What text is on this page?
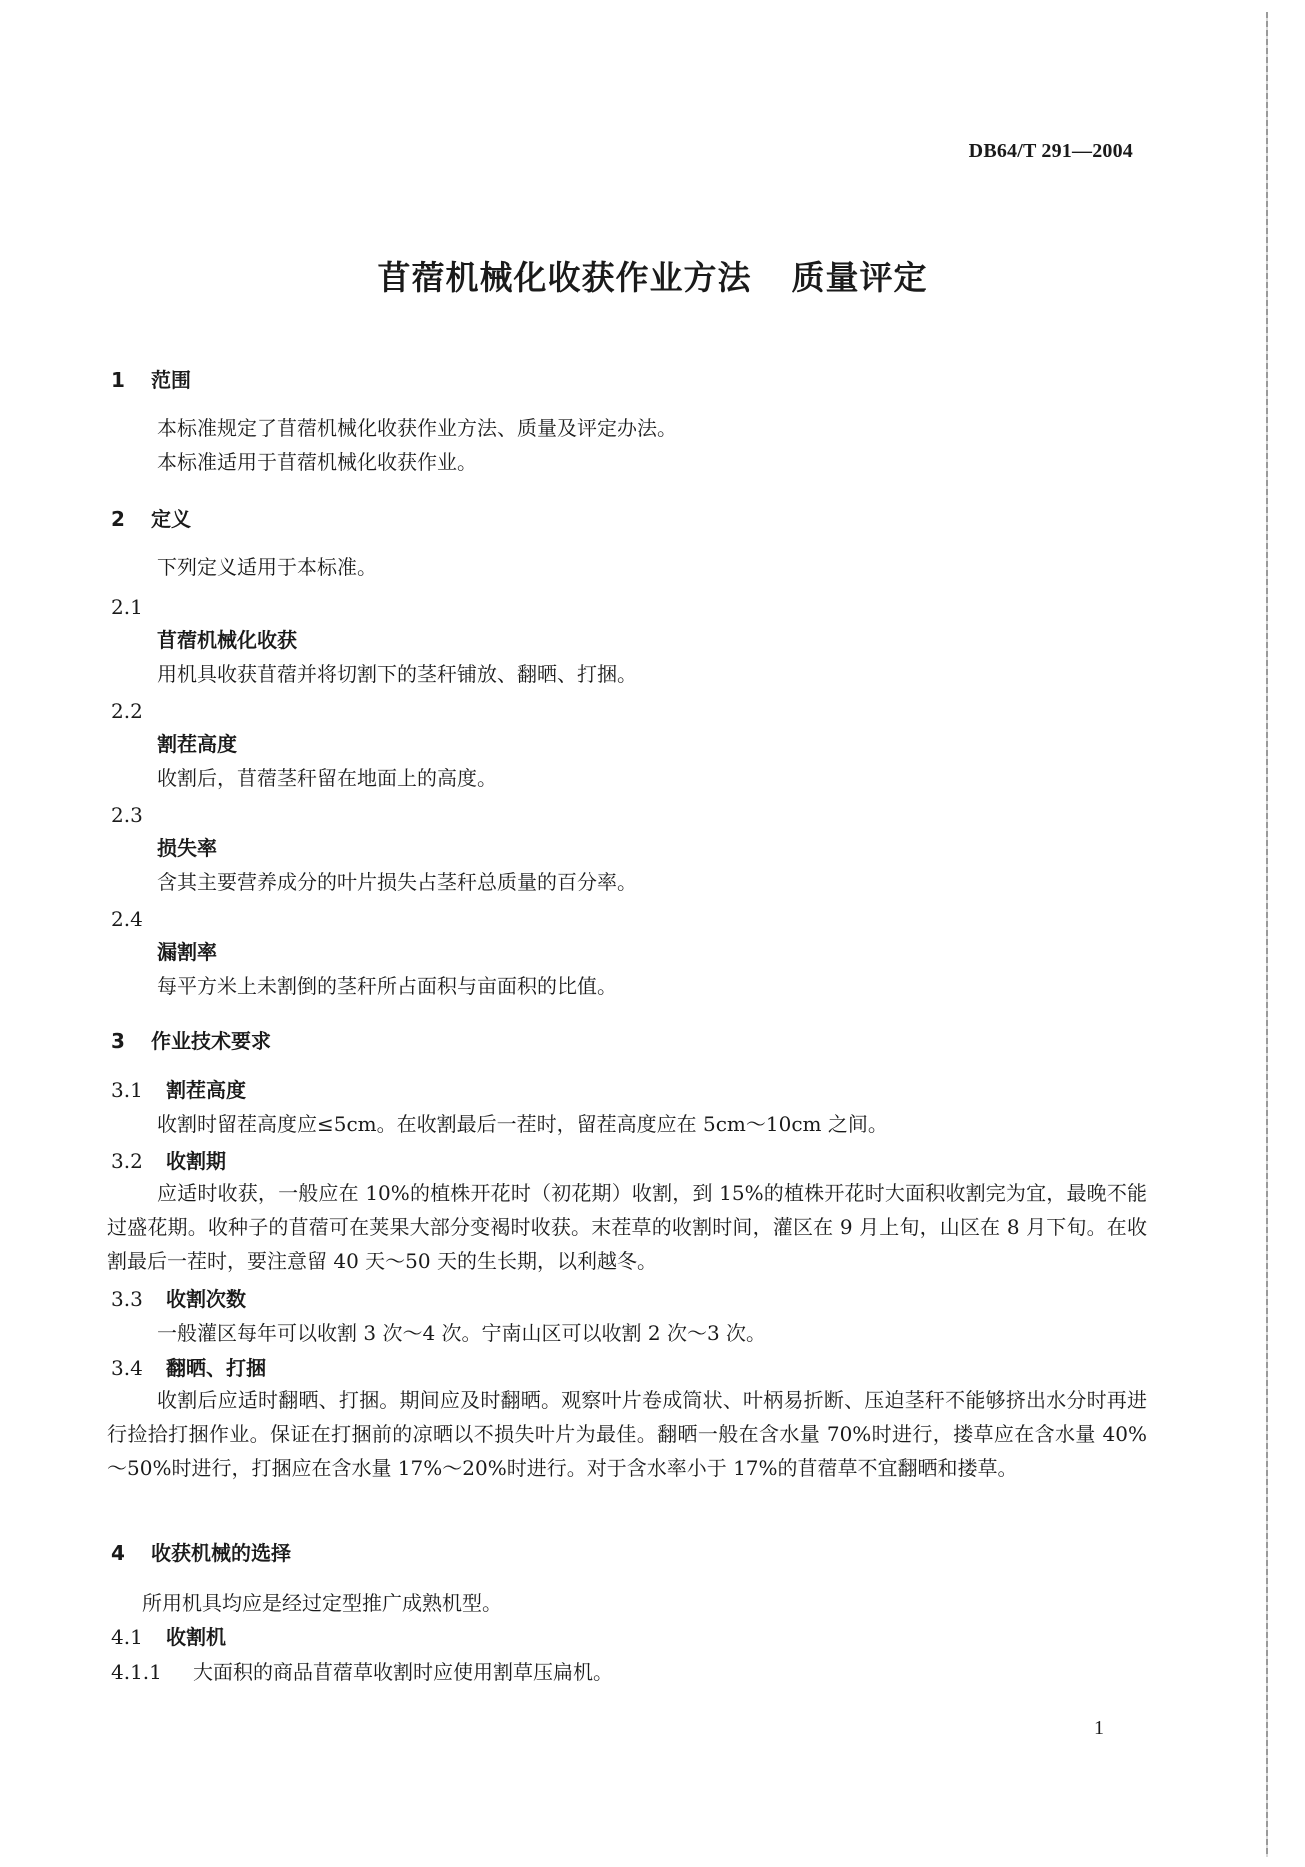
DB64/T 291—2004
苜蓿机械化收获作业方法 质量评定
1 范围
本标准规定了苜蓿机械化收获作业方法、质量及评定办法。
本标准适用于苜蓿机械化收获作业。
2 定义
下列定义适用于本标准。
2.1
苜蓿机械化收获
用机具收获苜蓿并将切割下的茎秆铺放、翻晒、打捆。
2.2
割茬高度
收割后，苜蓿茎秆留在地面上的高度。
2.3
损失率
含其主要营养成分的叶片损失占茎秆总质量的百分率。
2.4
漏割率
每平方米上未割倒的茎秆所占面积与亩面积的比值。
3 作业技术要求
3.1 割茬高度
收割时留茬高度应≤5cm。在收割最后一茬时，留茬高度应在 5cm～10cm 之间。
3.2 收割期
应适时收获，一般应在 10%的植株开花时（初花期）收割，到 15%的植株开花时大面积收割完为宜，最晚不能过盛花期。收种子的苜蓿可在荚果大部分变褐时收获。末茬草的收割时间，灌区在 9 月上旬，山区在 8 月下旬。在收割最后一茬时，要注意留 40 天～50 天的生长期，以利越冬。
3.3 收割次数
一般灌区每年可以收割 3 次～4 次。宁南山区可以收割 2 次～3 次。
3.4 翻晒、打捆
收割后应适时翻晒、打捆。期间应及时翻晒。观察叶片卷成筒状、叶柄易折断、压迫茎秆不能够挤出水分时再进行捡拾打捆作业。保证在打捆前的凉晒以不损失叶片为最佳。翻晒一般在含水量 70%时进行，搂草应在含水量 40%～50%时进行，打捆应在含水量 17%～20%时进行。对于含水率小于 17%的苜蓿草不宜翻晒和搂草。
4 收获机械的选择
所用机具均应是经过定型推广成熟机型。
4.1 收割机
4.1.1 大面积的商品苜蓿草收割时应使用割草压扁机。
1
